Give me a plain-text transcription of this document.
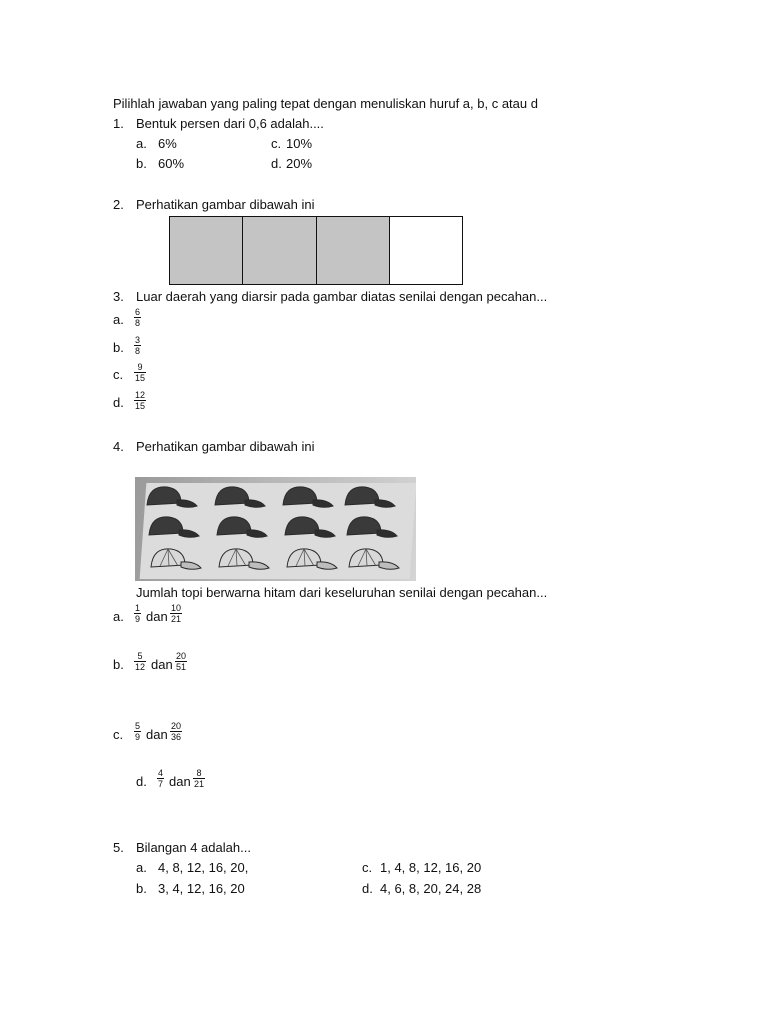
Pilihlah jawaban yang paling tepat dengan menuliskan huruf a, b, c atau d
1. Bentuk persen dari 0,6 adalah....
a. 6%	c. 10%
b. 60%	d. 20%
2. Perhatikan gambar dibawah ini
3. Luar daerah yang diarsir pada gambar diatas senilai dengan pecahan...
a. 6
8
b. 3
8
c. 9
15
d. 12
15
4. Perhatikan gambar dibawah ini
Jumlah topi berwarna hitam dari keseluruhan senilai dengan pecahan...
a.
1
9 dan
10
21
b.
5
12 dan
20
51
c.
5
9 dan
20
36
d.
4
7 dan
8
21
5. Bilangan 4 adalah...
a. 4, 8, 12, 16, 20,	c. 1, 4, 8, 12, 16, 20
b. 3, 4, 12, 16, 20	d. 4, 6, 8, 20, 24, 28
